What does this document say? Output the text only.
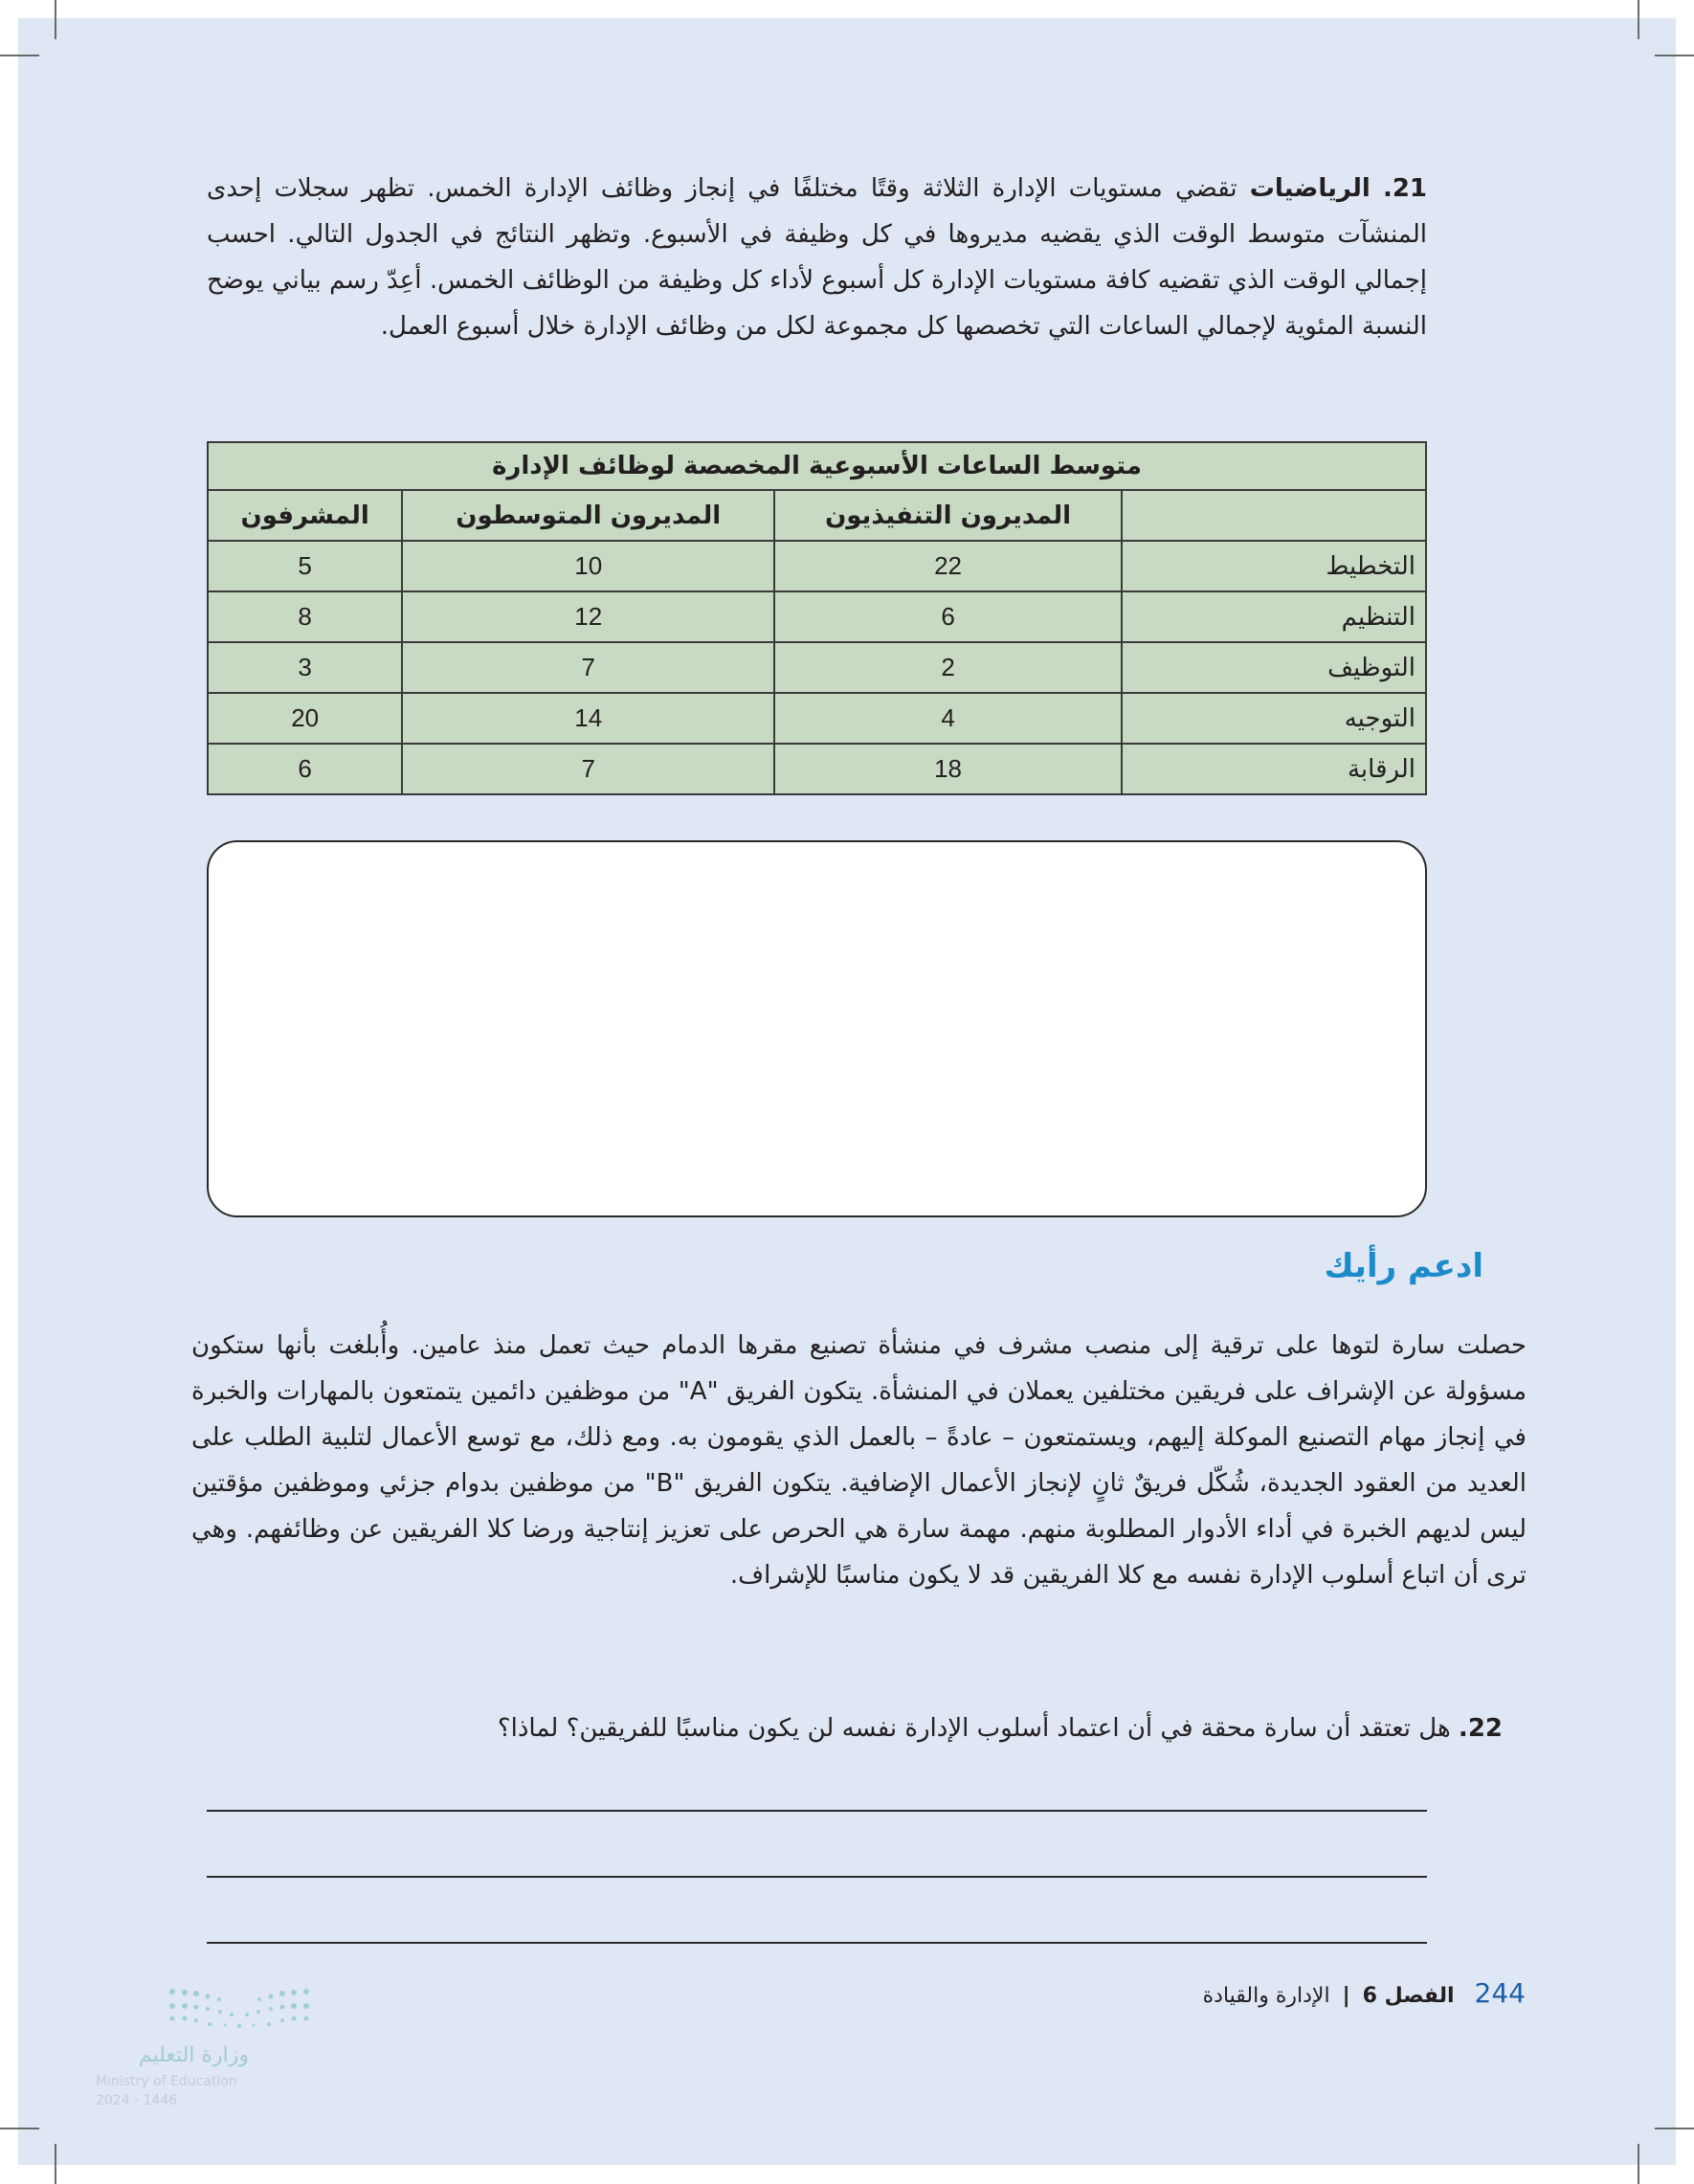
21. الرياضيات تقضي مستويات الإدارة الثلاثة وقتًا مختلفًا في إنجاز وظائف الإدارة الخمس. تظهر سجلات إحدى المنشآت متوسط الوقت الذي يقضيه مديروها في كل وظيفة في الأسبوع. وتظهر النتائج في الجدول التالي. احسب إجمالي الوقت الذي تقضيه كافة مستويات الإدارة كل أسبوع لأداء كل وظيفة من الوظائف الخمس. أعِدّ رسم بياني يوضح النسبة المئوية لإجمالي الساعات التي تخصصها كل مجموعة لكل من وظائف الإدارة خلال أسبوع العمل.
متوسط الساعات الأسبوعية المخصصة لوظائف الإدارة			
	المديرون التنفيذيون	المديرون المتوسطون	المشرفون
التخطيط	22	10	5
التنظيم	6	12	8
التوظيف	2	7	3
التوجيه	4	14	20
الرقابة	18	7	6
ادعم رأيك
حصلت سارة لتوها على ترقية إلى منصب مشرف في منشأة تصنيع مقرها الدمام حيث تعمل منذ عامين. وأُبلغت بأنها ستكون مسؤولة عن الإشراف على فريقين مختلفين يعملان في المنشأة. يتكون الفريق "A" من موظفين دائمين يتمتعون بالمهارات والخبرة في إنجاز مهام التصنيع الموكلة إليهم، ويستمتعون – عادةً – بالعمل الذي يقومون به. ومع ذلك، مع توسع الأعمال لتلبية الطلب على العديد من العقود الجديدة، شُكّل فريقٌ ثانٍ لإنجاز الأعمال الإضافية. يتكون الفريق "B" من موظفين بدوام جزئي وموظفين مؤقتين ليس لديهم الخبرة في أداء الأدوار المطلوبة منهم. مهمة سارة هي الحرص على تعزيز إنتاجية ورضا كلا الفريقين عن وظائفهم. وهي ترى أن اتباع أسلوب الإدارة نفسه مع كلا الفريقين قد لا يكون مناسبًا للإشراف.
22. هل تعتقد أن سارة محقة في أن اعتماد أسلوب الإدارة نفسه لن يكون مناسبًا للفريقين؟ لماذا؟
244 الفصل 6 | الإدارة والقيادة
وزارة التعليم
Ministry of Education
2024 - 1446
